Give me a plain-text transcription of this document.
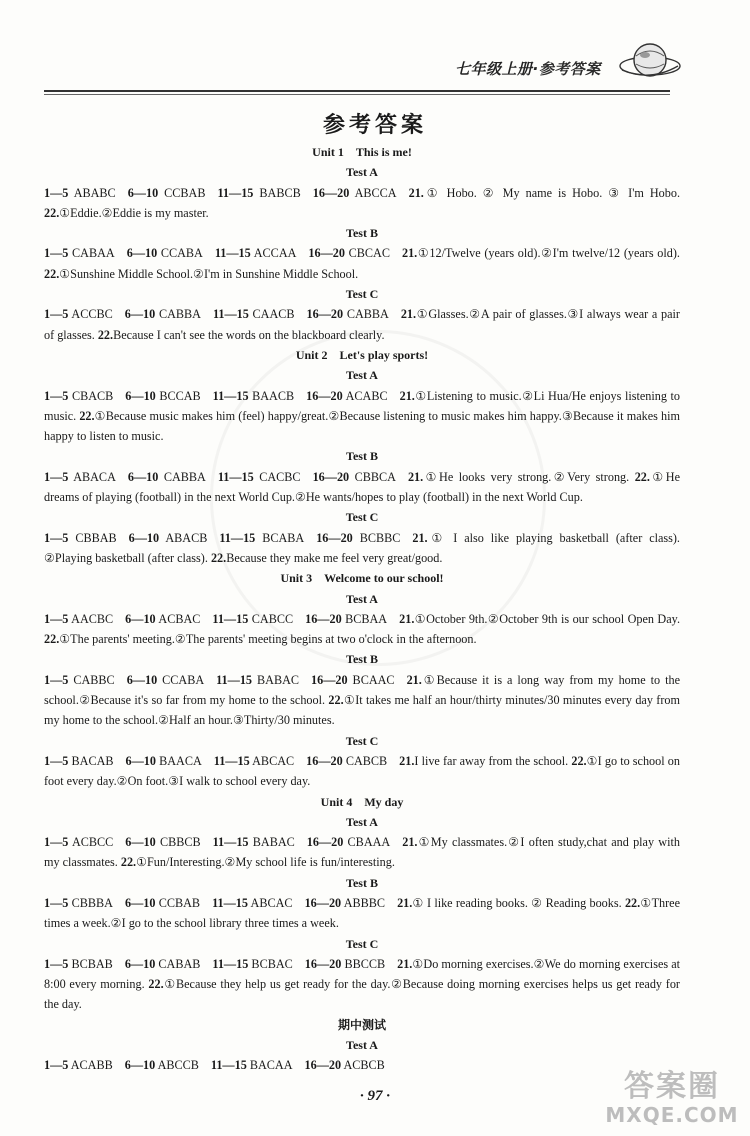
七年级上册·参考答案
参考答案
Unit 1　This is me!
Test A
1—5 ABABC 6—10 CCBAB 11—15 BABCB 16—20 ABCCA 21.① Hobo. ② My name is Hobo. ③ I'm Hobo. 22.①Eddie.②Eddie is my master.
Test B
1—5 CABAA 6—10 CCABA 11—15 ACCAA 16—20 CBCAC 21.①12/Twelve (years old).②I'm twelve/12 (years old). 22.①Sunshine Middle School.②I'm in Sunshine Middle School.
Test C
1—5 ACCBC 6—10 CABBA 11—15 CAACB 16—20 CABBA 21.①Glasses.②A pair of glasses.③I always wear a pair of glasses. 22.Because I can't see the words on the blackboard clearly.
Unit 2　Let's play sports!
Test A
1—5 CBACB 6—10 BCCAB 11—15 BAACB 16—20 ACABC 21.①Listening to music.②Li Hua/He enjoys listening to music. 22.①Because music makes him (feel) happy/great.②Because listening to music makes him happy.③Because it makes him happy to listen to music.
Test B
1—5 ABACA 6—10 CABBA 11—15 CACBC 16—20 CBBCA 21.①He looks very strong.②Very strong. 22.①He dreams of playing (football) in the next World Cup.②He wants/hopes to play (football) in the next World Cup.
Test C
1—5 CBBAB 6—10 ABACB 11—15 BCABA 16—20 BCBBC 21.① I also like playing basketball (after class). ②Playing basketball (after class). 22.Because they make me feel very great/good.
Unit 3　Welcome to our school!
Test A
1—5 AACBC 6—10 ACBAC 11—15 CABCC 16—20 BCBAA 21.①October 9th.②October 9th is our school Open Day. 22.①The parents' meeting.②The parents' meeting begins at two o'clock in the afternoon.
Test B
1—5 CABBC 6—10 CCABA 11—15 BABAC 16—20 BCAAC 21.①Because it is a long way from my home to the school.②Because it's so far from my home to the school. 22.①It takes me half an hour/thirty minutes/30 minutes every day from my home to the school.②Half an hour.③Thirty/30 minutes.
Test C
1—5 BACAB 6—10 BAACA 11—15 ABCAC 16—20 CABCB 21.I live far away from the school. 22.①I go to school on foot every day.②On foot.③I walk to school every day.
Unit 4　My day
Test A
1—5 ACBCC 6—10 CBBCB 11—15 BABAC 16—20 CBAAA 21.①My classmates.②I often study,chat and play with my classmates. 22.①Fun/Interesting.②My school life is fun/interesting.
Test B
1—5 CBBBA 6—10 CCBAB 11—15 ABCAC 16—20 ABBBC 21.① I like reading books. ② Reading books. 22.①Three times a week.②I go to the school library three times a week.
Test C
1—5 BCBAB 6—10 CABAB 11—15 BCBAC 16—20 BBCCB 21.①Do morning exercises.②We do morning exercises at 8:00 every morning. 22.①Because they help us get ready for the day.②Because doing morning exercises helps us get ready for the day.
期中测试
Test A
1—5 ACABB 6—10 ABCCB 11—15 BACAA 16—20 ACBCB
· 97 ·	答案圈
MXQE.COM
